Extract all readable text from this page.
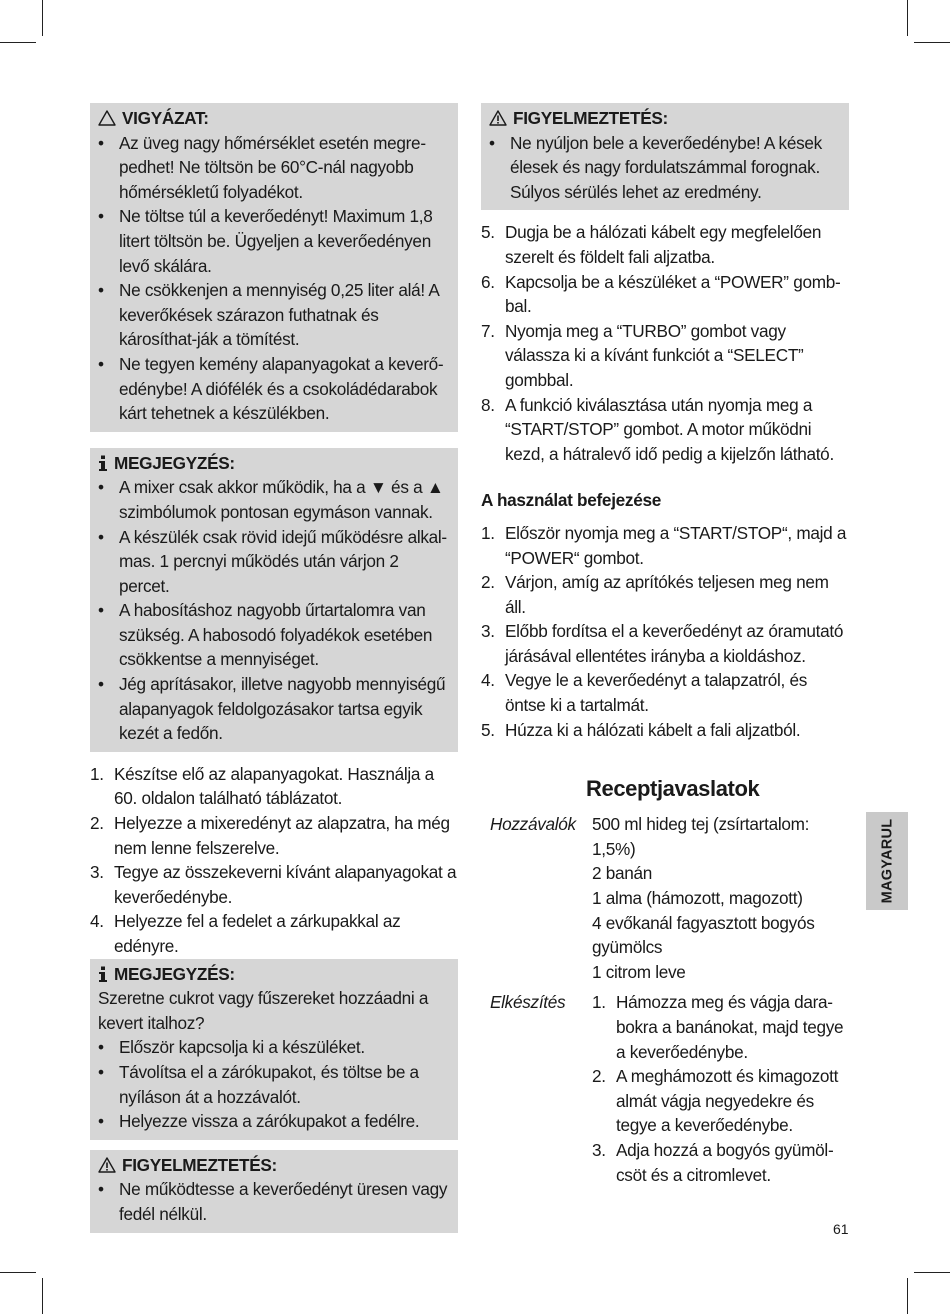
VIGYÁZAT:
• Az üveg nagy hőmérséklet esetén megre-pedhet! Ne töltsön be 60°C-nál nagyobb hőmérsékletű folyadékot.
• Ne töltse túl a keverőedényt! Maximum 1,8 litert töltsön be. Ügyeljen a keverőedényen levő skálára.
• Ne csökkenjen a mennyiség 0,25 liter alá! A keverőkések szárazon futhatnak és károsíthat-ják a tömítést.
• Ne tegyen kemény alapanyagokat a keverő-edénybe! A diófélék és a csokoládédarabok kárt tehetnek a készülékben.
MEGJEGYZÉS:
• A mixer csak akkor működik, ha a ▼ és a ▲ szimbólumok pontosan egymáson vannak.
• A készülék csak rövid idejű működésre alkal-mas. 1 percnyi működés után várjon 2 percet.
• A habosításhoz nagyobb űrtartalomra van szükség. A habosodó folyadékok esetében csökkentse a mennyiséget.
• Jég aprításakor, illetve nagyobb mennyiségű alapanyagok feldolgozásakor tartsa egyik kezét a fedőn.
1. Készítse elő az alapanyagokat. Használja a 60. oldalon található táblázatot.
2. Helyezze a mixeredényt az alapzatra, ha még nem lenne felszerelve.
3. Tegye az összekeverni kívánt alapanyagokat a keverőedénybe.
4. Helyezze fel a fedelet a zárkupakkal az edényre.
MEGJEGYZÉS:
Szeretne cukrot vagy fűszereket hozzáadni a kevert italhoz?
• Először kapcsolja ki a készüléket.
• Távolítsa el a zárókupakot, és töltse be a nyíláson át a hozzávalót.
• Helyezze vissza a zárókupakot a fedélre.
FIGYELMEZTETÉS:
• Ne működtesse a keverőedényt üresen vagy fedél nélkül.
FIGYELMEZTETÉS:
• Ne nyúljon bele a keverőedénybe! A kések élesek és nagy fordulatszámmal forognak. Súlyos sérülés lehet az eredmény.
5. Dugja be a hálózati kábelt egy megfelelően szerelt és földelt fali aljzatba.
6. Kapcsolja be a készüléket a “POWER” gomb-bal.
7. Nyomja meg a “TURBO” gombot vagy válassza ki a kívánt funkciót a “SELECT” gombbal.
8. A funkció kiválasztása után nyomja meg a “START/STOP” gombot. A motor működni kezd, a hátralevő idő pedig a kijelzőn látható.
A használat befejezése
1. Először nyomja meg a “START/STOP“, majd a “POWER“ gombot.
2. Várjon, amíg az aprítókés teljesen meg nem áll.
3. Előbb fordítsa el a keverőedényt az óramutató járásával ellentétes irányba a kioldáshoz.
4. Vegye le a keverőedényt a talapzatról, és öntse ki a tartalmát.
5. Húzza ki a hálózati kábelt a fali aljzatból.
Receptjavaslatok
Hozzávalók 500 ml hideg tej (zsírtartalom: 1,5%)
2 banán
1 alma (hámozott, magozott)
4 evőkanál fagyasztott bogyós gyümölcs
1 citrom leve
Elkészítés	1. Hámozza meg és vágja dara-bokra a banánokat, majd tegye a keverőedénybe.
2. A meghámozott és kimagozott almát vágja negyedekre és tegye a keverőedénybe.
3. Adja hozzá a bogyós gyümöl-csöt és a citromlevet.
MAGYARUL
61
